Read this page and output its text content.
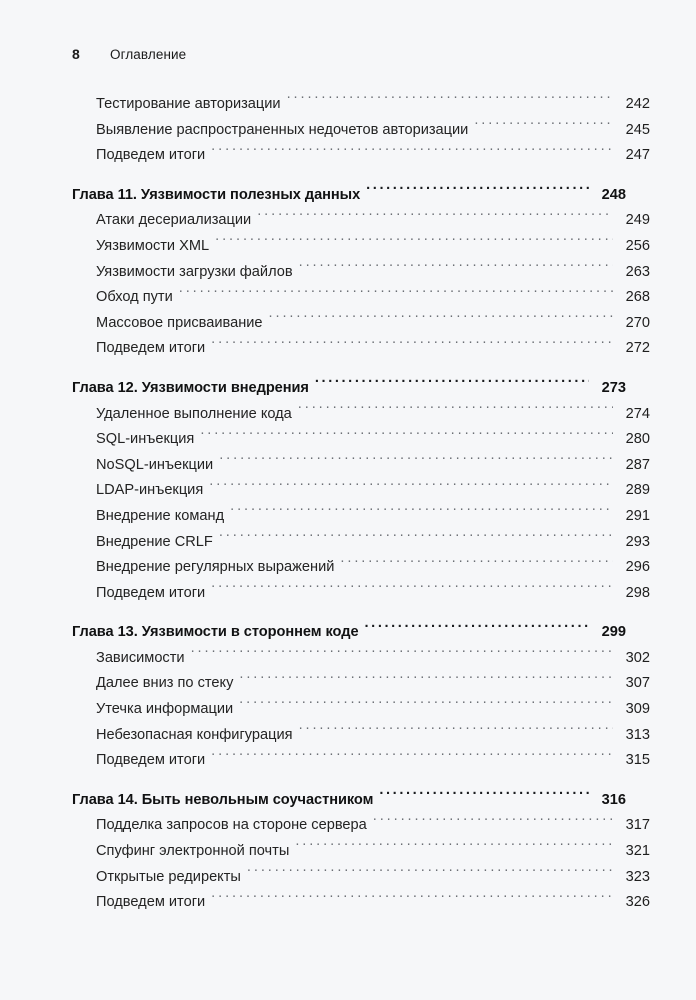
8	Оглавление
Тестирование авторизации .....	242
Выявление распространенных недочетов авторизации .....	245
Подведем итоги .....	247
Глава 11. Уязвимости полезных данных .....	248
Атаки десериализации .....	249
Уязвимости XML .....	256
Уязвимости загрузки файлов .....	263
Обход пути .....	268
Массовое присваивание .....	270
Подведем итоги .....	272
Глава 12. Уязвимости внедрения .....	273
Удаленное выполнение кода .....	274
SQL-инъекция .....	280
NoSQL-инъекции .....	287
LDAP-инъекция .....	289
Внедрение команд .....	291
Внедрение CRLF .....	293
Внедрение регулярных выражений .....	296
Подведем итоги .....	298
Глава 13. Уязвимости в стороннем коде .....	299
Зависимости .....	302
Далее вниз по стеку .....	307
Утечка информации .....	309
Небезопасная конфигурация .....	313
Подведем итоги .....	315
Глава 14. Быть невольным соучастником .....	316
Подделка запросов на стороне сервера .....	317
Спуфинг электронной почты .....	321
Открытые редиректы .....	323
Подведем итоги .....	326
